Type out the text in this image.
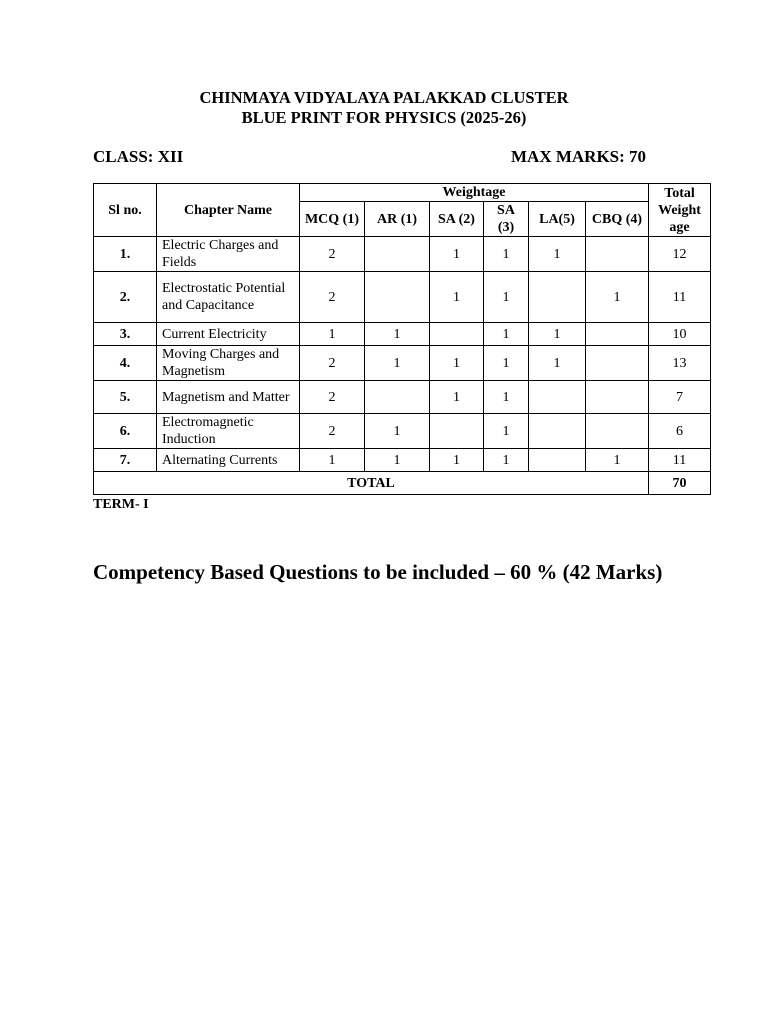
CHINMAYA VIDYALAYA PALAKKAD CLUSTER
BLUE PRINT FOR PHYSICS (2025-26)
CLASS: XII	MAX MARKS: 70
Sl no.	Chapter Name	Weightage						Total Weight age
		MCQ (1)	AR (1)	SA (2)	SA (3)	LA(5)	CBQ (4)	
1.	Electric Charges and Fields	2		1	1	1		12
2.	Electrostatic Potential and Capacitance	2		1	1		1	11
3.	Current Electricity	1	1		1	1		10
4.	Moving Charges and Magnetism	2	1	1	1	1		13
5.	Magnetism and Matter	2		1	1			7
6.	Electromagnetic Induction	2	1		1			6
7.	Alternating Currents	1	1	1	1		1	11
TOTAL								70
TERM- I
Competency Based Questions to be included – 60 % (42 Marks)
